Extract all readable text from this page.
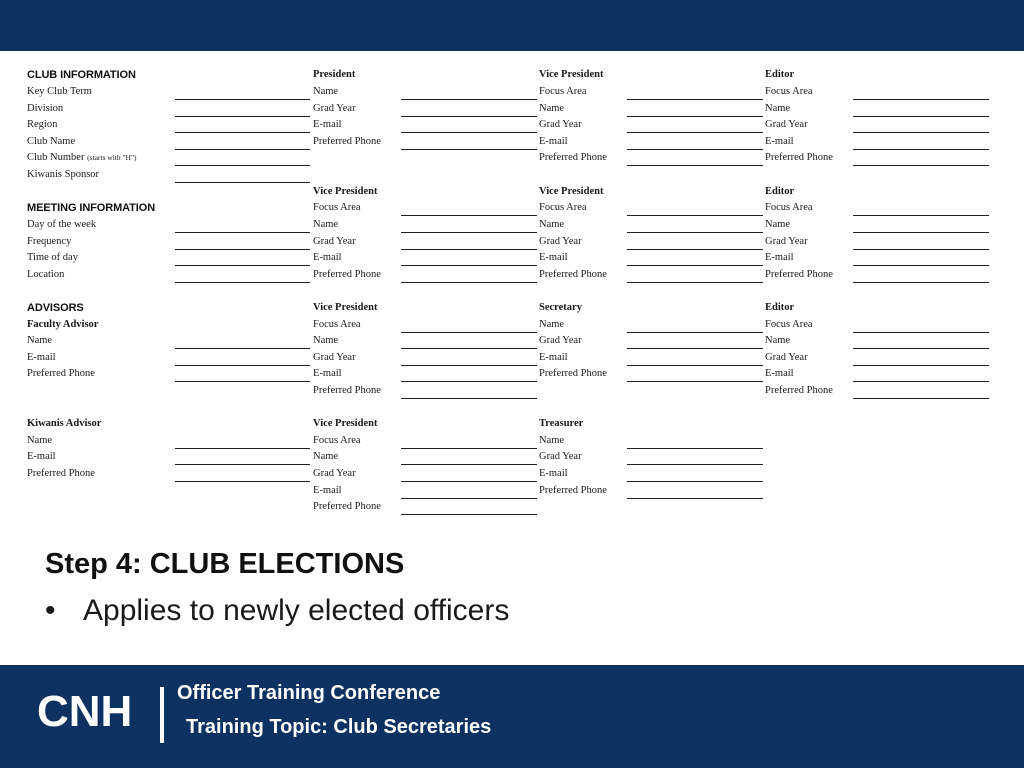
CLUB INFORMATION
Key Club Term
Division
Region
Club Name
Club Number (starts with "H")
Kiwanis Sponsor
MEETING INFORMATION
Day of the week
Frequency
Time of day
Location
ADVISORS
Faculty Advisor
Name
E-mail
Preferred Phone
Kiwanis Advisor
Name
E-mail
Preferred Phone
President
Name
Grad Year
E-mail
Preferred Phone
Vice President
Focus Area
Name
Grad Year
E-mail
Preferred Phone
Vice President
Focus Area
Name
Grad Year
E-mail
Preferred Phone
Vice President
Focus Area
Name
Grad Year
E-mail
Preferred Phone
Vice President
Focus Area
Name
Grad Year
E-mail
Preferred Phone
Vice President
Focus Area
Name
Grad Year
E-mail
Preferred Phone
Secretary
Name
Grad Year
E-mail
Preferred Phone
Treasurer
Name
Grad Year
E-mail
Preferred Phone
Editor
Focus Area
Name
Grad Year
E-mail
Preferred Phone
Editor
Focus Area
Name
Grad Year
E-mail
Preferred Phone
Editor
Focus Area
Name
Grad Year
E-mail
Preferred Phone
Step 4: CLUB ELECTIONS
• Applies to newly elected officers
CNH Officer Training Conference
Training Topic: Club Secretaries
